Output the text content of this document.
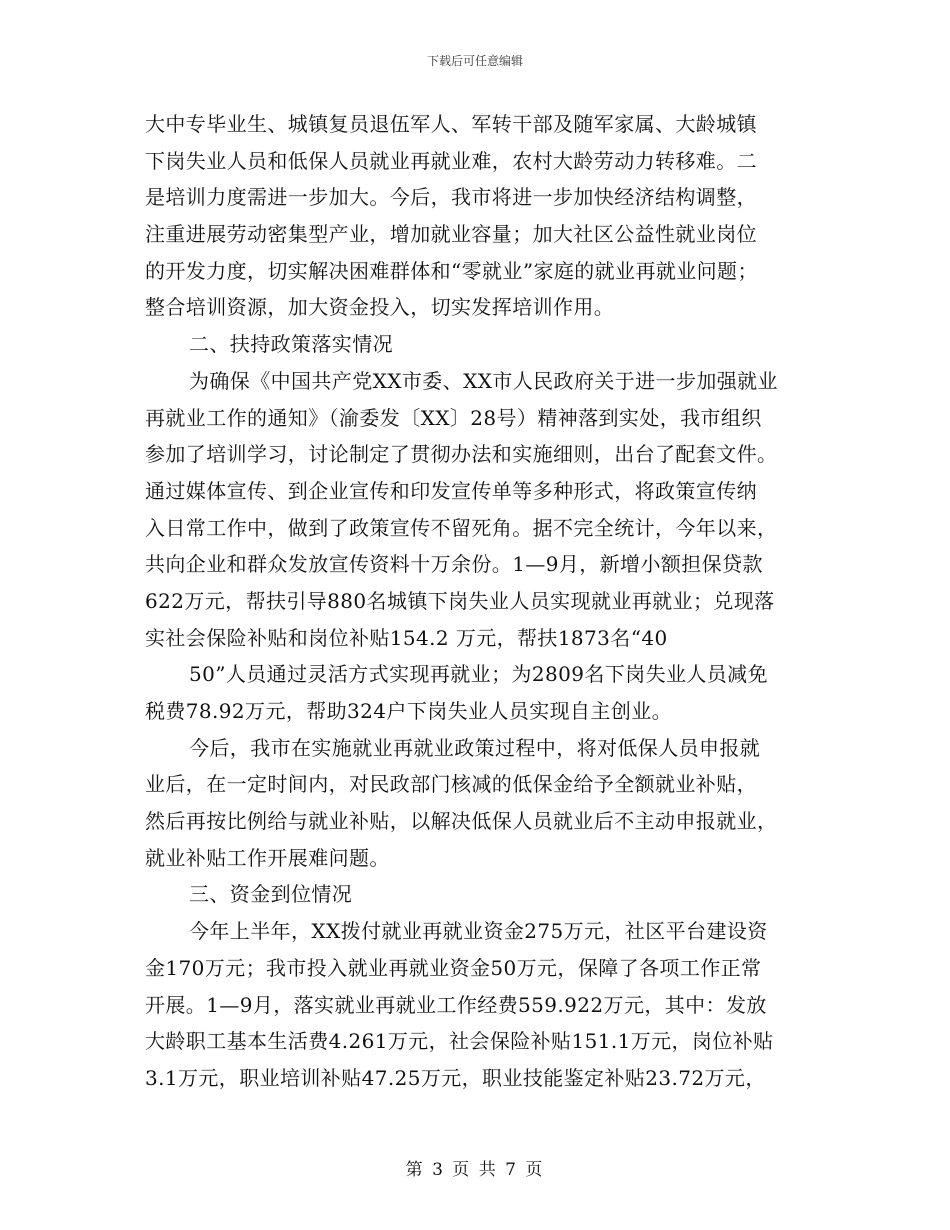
下载后可任意编辑
大中专毕业生、城镇复员退伍军人、军转干部及随军家属、大龄城镇
下岗失业人员和低保人员就业再就业难，农村大龄劳动力转移难。二
是培训力度需进一步加大。今后，我市将进一步加快经济结构调整，
注重进展劳动密集型产业，增加就业容量；加大社区公益性就业岗位
的开发力度，切实解决困难群体和“零就业”家庭的就业再就业问题；
整合培训资源，加大资金投入，切实发挥培训作用。
二、扶持政策落实情况
为确保《中国共产党XX市委、XX市人民政府关于进一步加强就业
再就业工作的通知》（渝委发〔XX〕28号）精神落到实处，我市组织
参加了培训学习，讨论制定了贯彻办法和实施细则，出台了配套文件。
通过媒体宣传、到企业宣传和印发宣传单等多种形式，将政策宣传纳
入日常工作中，做到了政策宣传不留死角。据不完全统计，今年以来，
共向企业和群众发放宣传资料十万余份。1—9月，新增小额担保贷款
622万元，帮扶引导880名城镇下岗失业人员实现就业再就业；兑现落
实社会保险补贴和岗位补贴154.2 万元，帮扶1873名“40
50”人员通过灵活方式实现再就业；为2809名下岗失业人员减免
税费78.92万元，帮助324户下岗失业人员实现自主创业。
今后，我市在实施就业再就业政策过程中，将对低保人员申报就
业后，在一定时间内，对民政部门核减的低保金给予全额就业补贴，
然后再按比例给与就业补贴，以解决低保人员就业后不主动申报就业，
就业补贴工作开展难问题。
三、资金到位情况
今年上半年，XX拨付就业再就业资金275万元，社区平台建设资
金170万元；我市投入就业再就业资金50万元，保障了各项工作正常
开展。1—9月，落实就业再就业工作经费559.922万元，其中：发放
大龄职工基本生活费4.261万元，社会保险补贴151.1万元，岗位补贴
3.1万元，职业培训补贴47.25万元，职业技能鉴定补贴23.72万元，
第 3 页 共 7 页
